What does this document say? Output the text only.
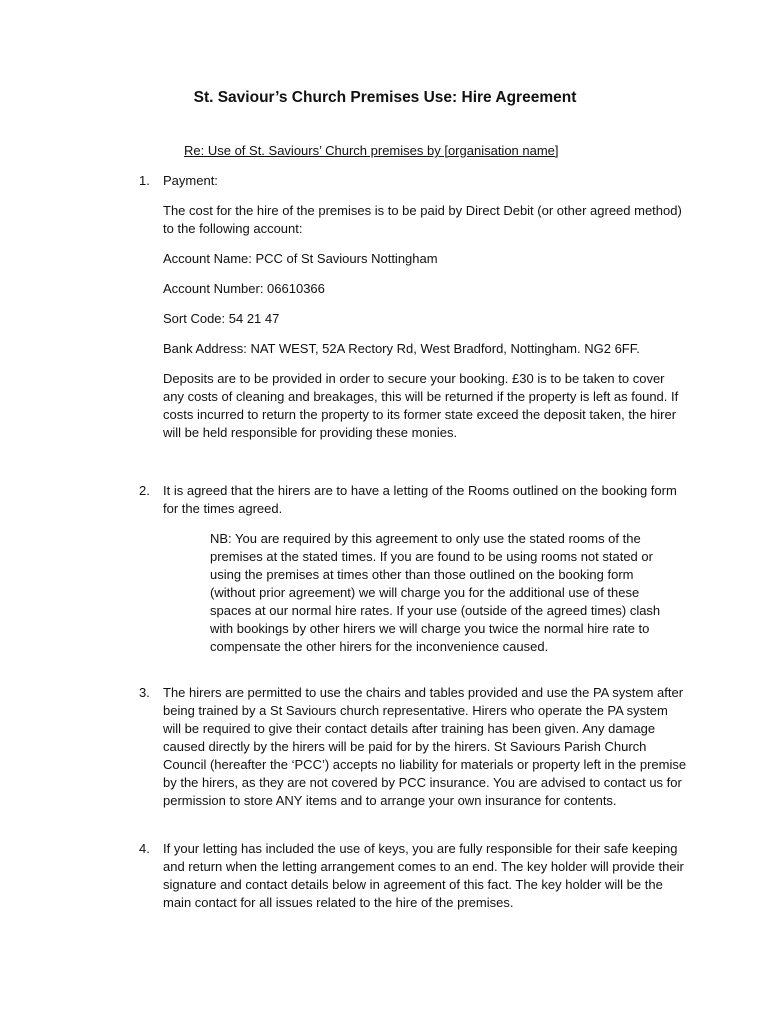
St. Saviour’s Church Premises Use: Hire Agreement
Re: Use of St. Saviours’ Church premises by [organisation name]
1. Payment:

The cost for the hire of the premises is to be paid by Direct Debit (or other agreed method) to the following account:

Account Name: PCC of St Saviours Nottingham

Account Number: 06610366

Sort Code: 54 21 47

Bank Address: NAT WEST, 52A Rectory Rd, West Bradford, Nottingham. NG2 6FF.

Deposits are to be provided in order to secure your booking. £30 is to be taken to cover any costs of cleaning and breakages, this will be returned if the property is left as found. If costs incurred to return the property to its former state exceed the deposit taken, the hirer will be held responsible for providing these monies.

2. It is agreed that the hirers are to have a letting of the Rooms outlined on the booking form for the times agreed.

NB: You are required by this agreement to only use the stated rooms of the premises at the stated times. If you are found to be using rooms not stated or using the premises at times other than those outlined on the booking form (without prior agreement) we will charge you for the additional use of these spaces at our normal hire rates. If your use (outside of the agreed times) clash with bookings by other hirers we will charge you twice the normal hire rate to compensate the other hirers for the inconvenience caused.

3. The hirers are permitted to use the chairs and tables provided and use the PA system after being trained by a St Saviours church representative. Hirers who operate the PA system will be required to give their contact details after training has been given. Any damage caused directly by the hirers will be paid for by the hirers. St Saviours Parish Church Council (hereafter the ‘PCC’) accepts no liability for materials or property left in the premise by the hirers, as they are not covered by PCC insurance. You are advised to contact us for permission to store ANY items and to arrange your own insurance for contents.

4. If your letting has included the use of keys, you are fully responsible for their safe keeping and return when the letting arrangement comes to an end. The key holder will provide their signature and contact details below in agreement of this fact. The key holder will be the main contact for all issues related to the hire of the premises.
